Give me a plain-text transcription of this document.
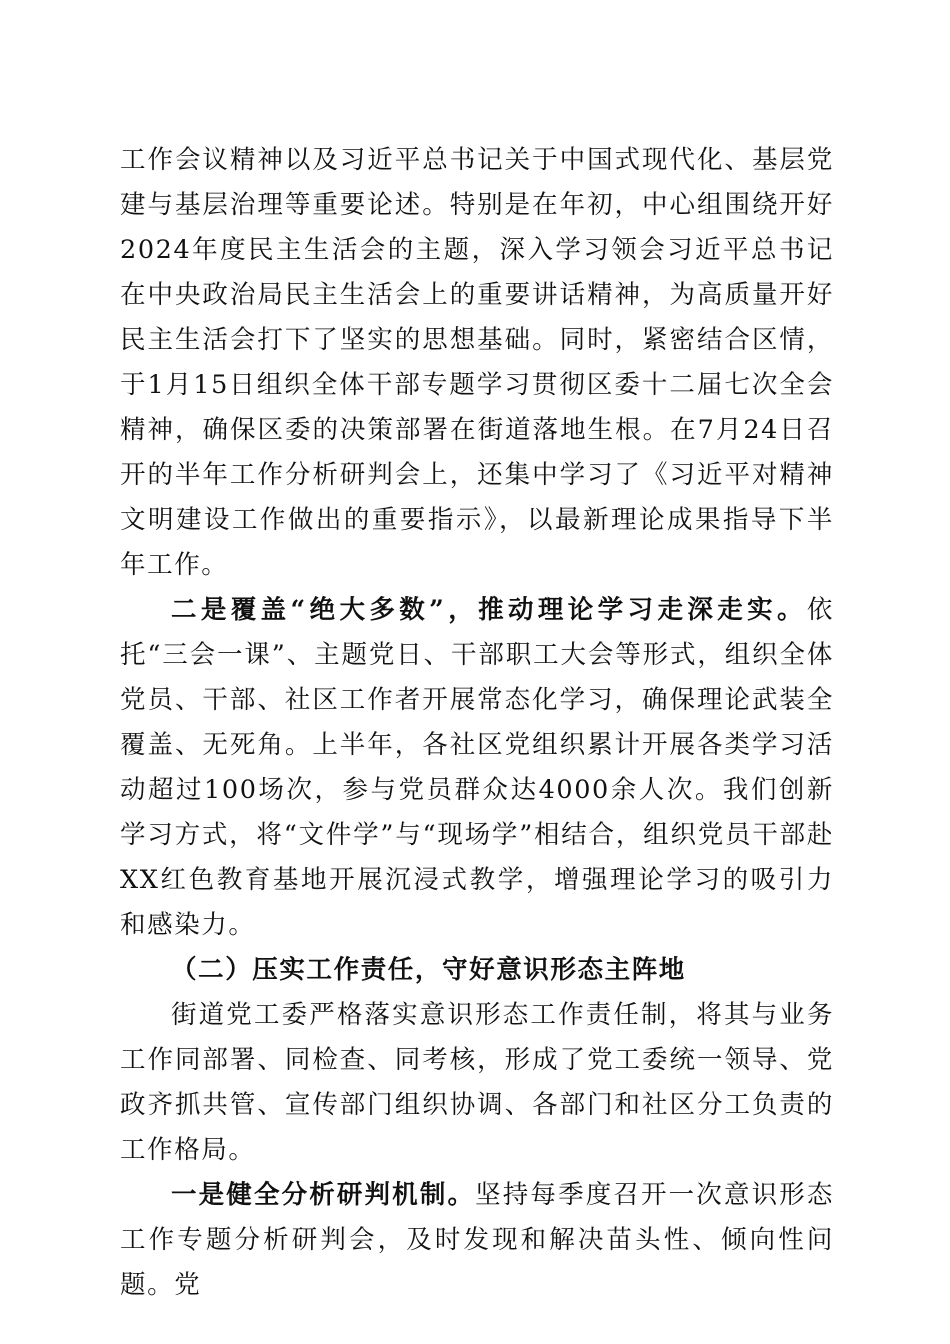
工作会议精神以及习近平总书记关于中国式现代化、基层党建与基层治理等重要论述。特别是在年初，中心组围绕开好2024年度民主生活会的主题，深入学习领会习近平总书记在中央政治局民主生活会上的重要讲话精神，为高质量开好民主生活会打下了坚实的思想基础。同时，紧密结合区情，于1月15日组织全体干部专题学习贯彻区委十二届七次全会精神，确保区委的决策部署在街道落地生根。在7月24日召开的半年工作分析研判会上，还集中学习了《习近平对精神文明建设工作做出的重要指示》，以最新理论成果指导下半年工作。

二是覆盖“绝大多数”，推动理论学习走深走实。依托“三会一课”、主题党日、干部职工大会等形式，组织全体党员、干部、社区工作者开展常态化学习，确保理论武装全覆盖、无死角。上半年，各社区党组织累计开展各类学习活动超过100场次，参与党员群众达4000余人次。我们创新学习方式，将“文件学”与“现场学”相结合，组织党员干部赴XX红色教育基地开展沉浸式教学，增强理论学习的吸引力和感染力。

（二）压实工作责任，守好意识形态主阵地

街道党工委严格落实意识形态工作责任制，将其与业务工作同部署、同检查、同考核，形成了党工委统一领导、党政齐抓共管、宣传部门组织协调、各部门和社区分工负责的工作格局。

一是健全分析研判机制。坚持每季度召开一次意识形态工作专题分析研判会，及时发现和解决苗头性、倾向性问题。党
